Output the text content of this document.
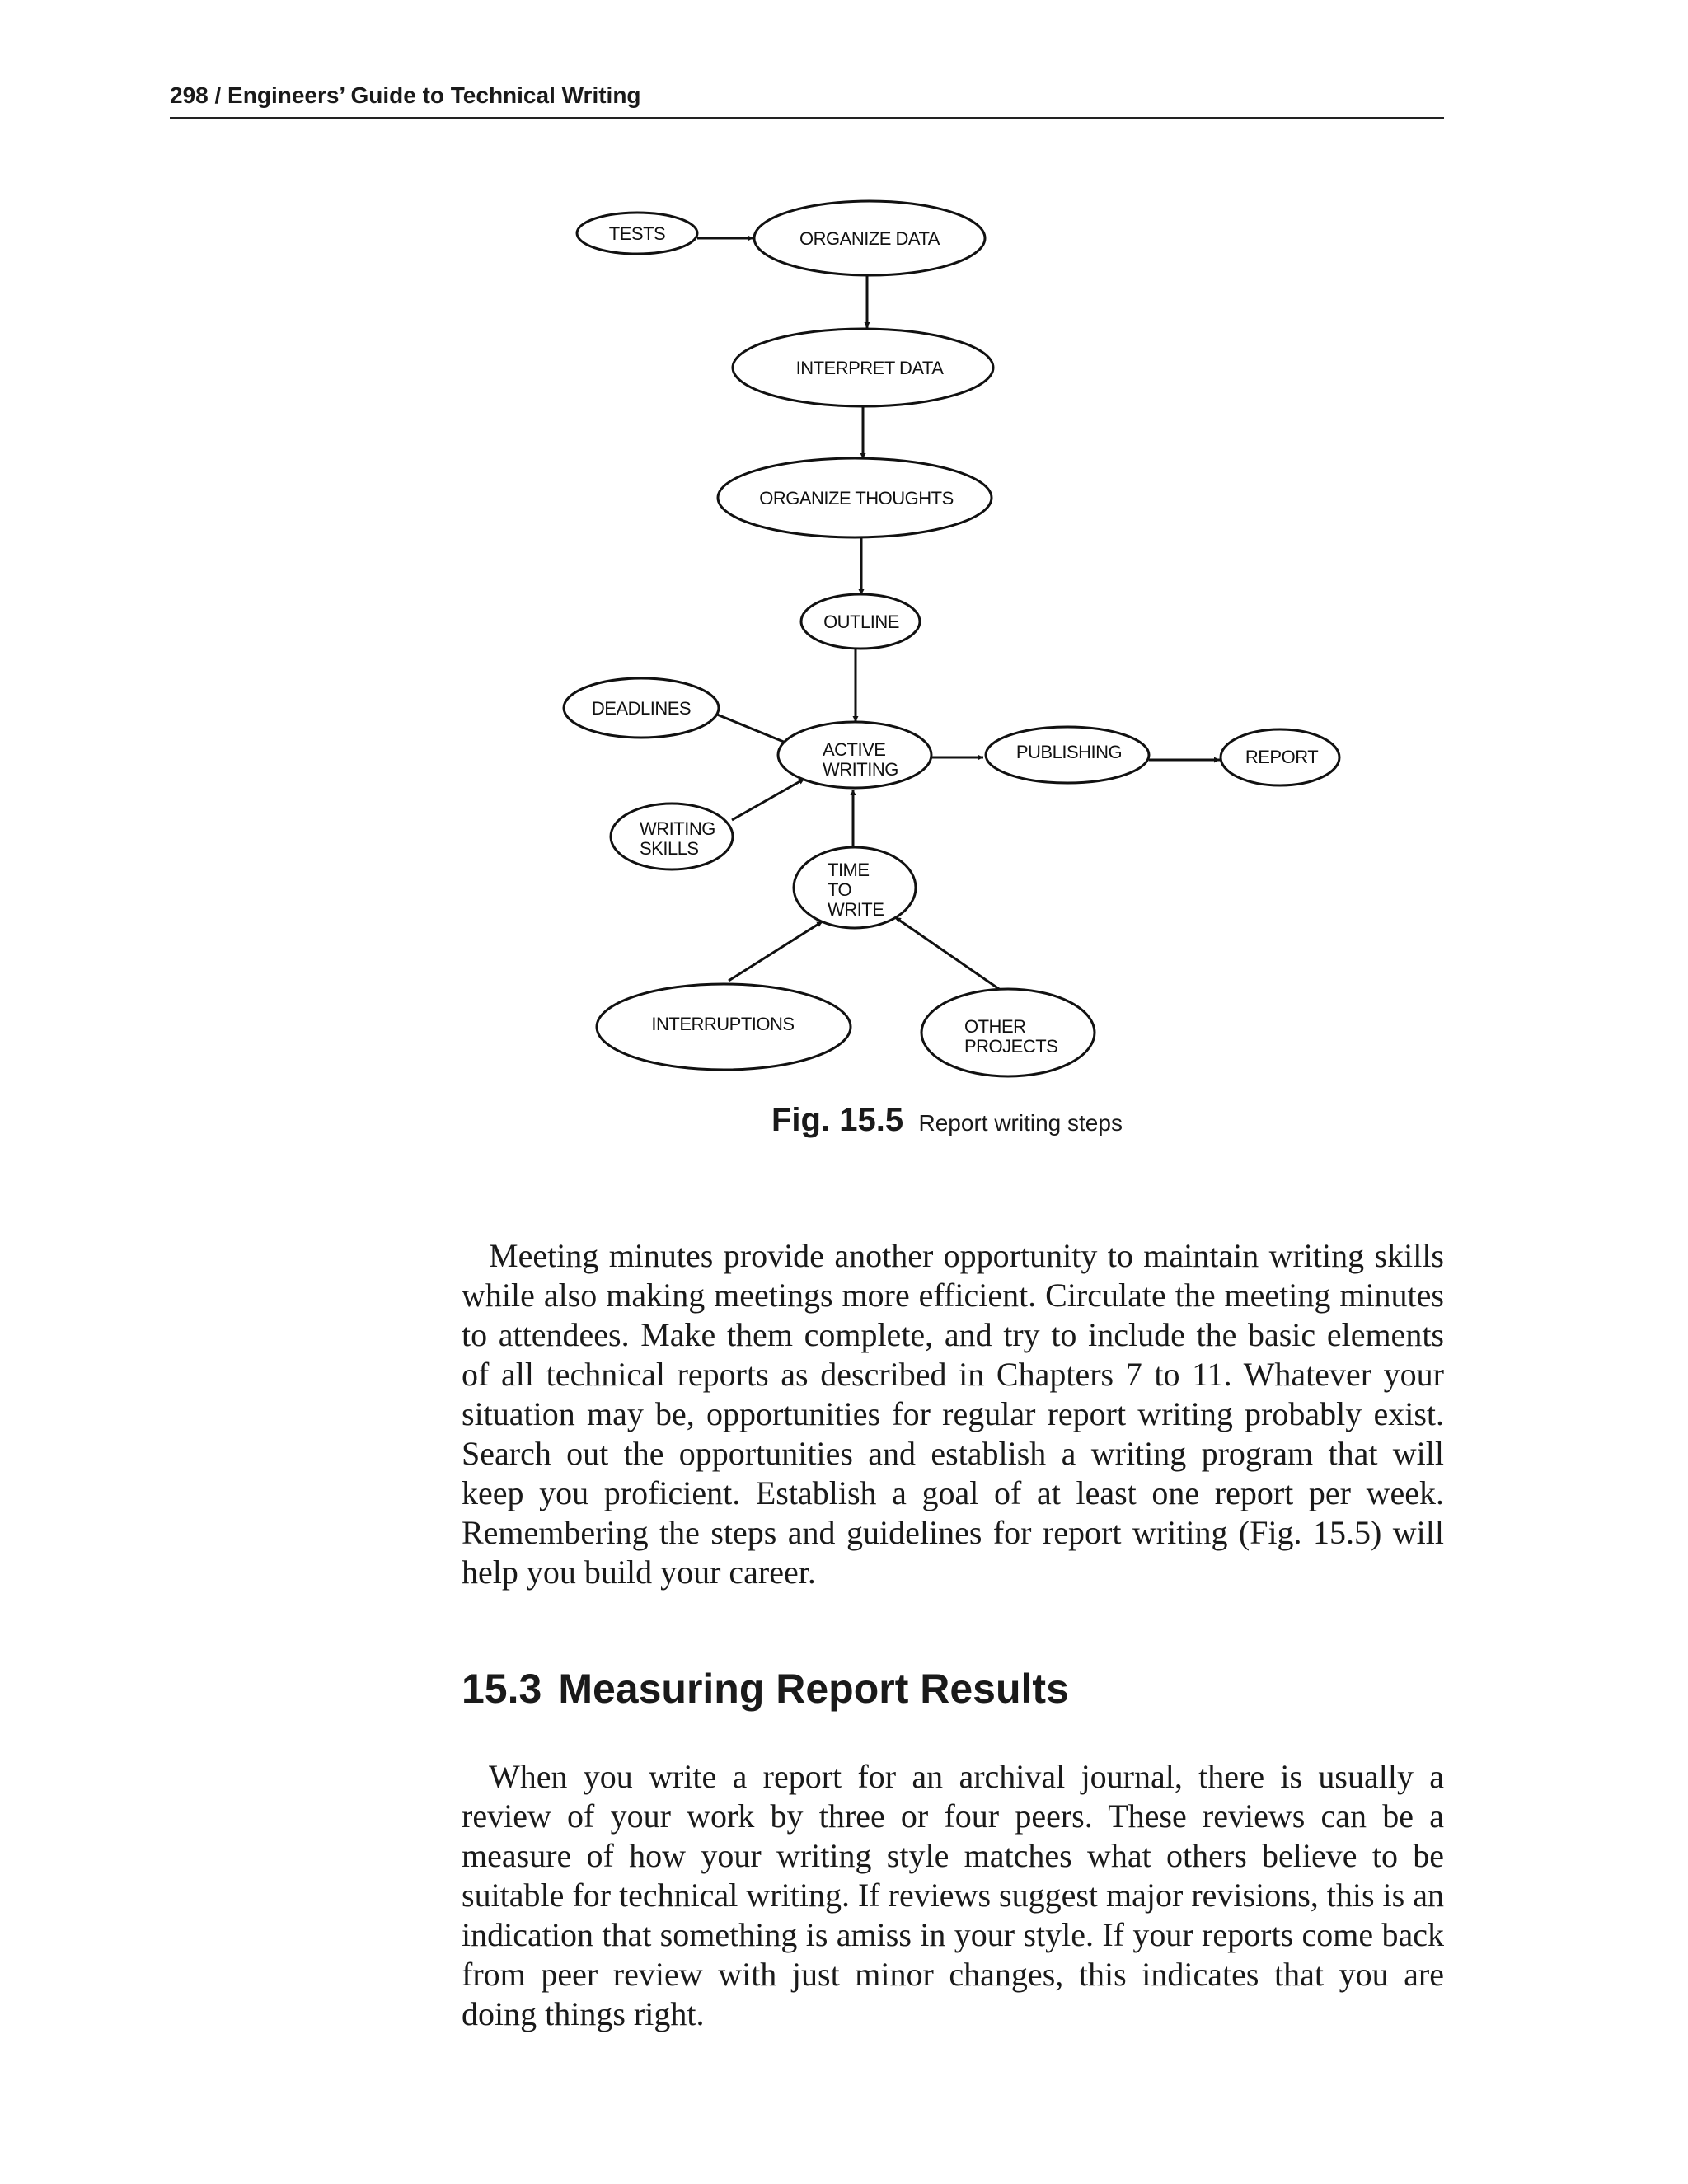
298 / Engineers’ Guide to Technical Writing
TESTS	ORGANIZE DATA
INTERPRET DATA
ORGANIZE THOUGHTS
OUTLINE
DEADLINES
ACTIVE
WRITING
PUBLISHING	REPORT
WRITING
SKILLS
TIME
TO
WRITE
INTERRUPTIONS	OTHER
PROJECTS
Fig. 15.5 Report writing steps

Meeting minutes provide another opportunity to maintain writing skills while also making meetings more efficient. Circulate the meeting minutes to attendees. Make them complete, and try to include the basic elements of all technical reports as described in Chapters 7 to 11. Whatever your situation may be, opportunities for regular report writing probably exist. Search out the opportunities and establish a writing program that will keep you proficient. Establish a goal of at least one report per week. Remembering the steps and guidelines for report writing (Fig. 15.5) will help you build your career.

15.3 Measuring Report Results

When you write a report for an archival journal, there is usually a review of your work by three or four peers. These reviews can be a measure of how your writing style matches what others believe to be suitable for technical writing. If reviews suggest major revisions, this is an indication that something is amiss in your style. If your reports come back from peer review with just minor changes, this indicates that you are doing things right.
